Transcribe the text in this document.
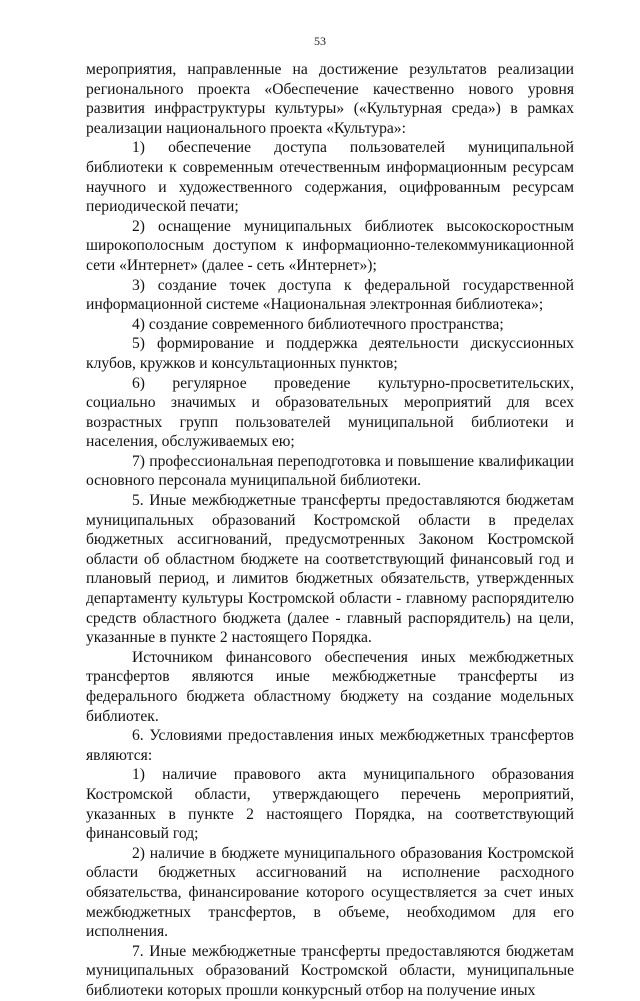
53

мероприятия, направленные на достижение результатов реализации регионального проекта «Обеспечение качественно нового уровня развития инфраструктуры культуры» («Культурная среда») в рамках реализации национального проекта «Культура»:

1) обеспечение доступа пользователей муниципальной библиотеки к современным отечественным информационным ресурсам научного и художественного содержания, оцифрованным ресурсам периодической печати;

2) оснащение муниципальных библиотек высокоскоростным широкополосным доступом к информационно-телекоммуникационной сети «Интернет» (далее - сеть «Интернет»);

3) создание точек доступа к федеральной государственной информационной системе «Национальная электронная библиотека»;

4) создание современного библиотечного пространства;

5) формирование и поддержка деятельности дискуссионных клубов, кружков и консультационных пунктов;

6) регулярное проведение культурно-просветительских, социально значимых и образовательных мероприятий для всех возрастных групп пользователей муниципальной библиотеки и населения, обслуживаемых ею;

7) профессиональная переподготовка и повышение квалификации основного персонала муниципальной библиотеки.

5. Иные межбюджетные трансферты предоставляются бюджетам муниципальных образований Костромской области в пределах бюджетных ассигнований, предусмотренных Законом Костромской области об областном бюджете на соответствующий финансовый год и плановый период, и лимитов бюджетных обязательств, утвержденных департаменту культуры Костромской области - главному распорядителю средств областного бюджета (далее - главный распорядитель) на цели, указанные в пункте 2 настоящего Порядка.

Источником финансового обеспечения иных межбюджетных трансфертов являются иные межбюджетные трансферты из федерального бюджета областному бюджету на создание модельных библиотек.

6. Условиями предоставления иных межбюджетных трансфертов являются:

1) наличие правового акта муниципального образования Костромской области, утверждающего перечень мероприятий, указанных в пункте 2 настоящего Порядка, на соответствующий финансовый год;

2) наличие в бюджете муниципального образования Костромской области бюджетных ассигнований на исполнение расходного обязательства, финансирование которого осуществляется за счет иных межбюджетных трансфертов, в объеме, необходимом для его исполнения.

7. Иные межбюджетные трансферты предоставляются бюджетам муниципальных образований Костромской области, муниципальные библиотеки которых прошли конкурсный отбор на получение иных
